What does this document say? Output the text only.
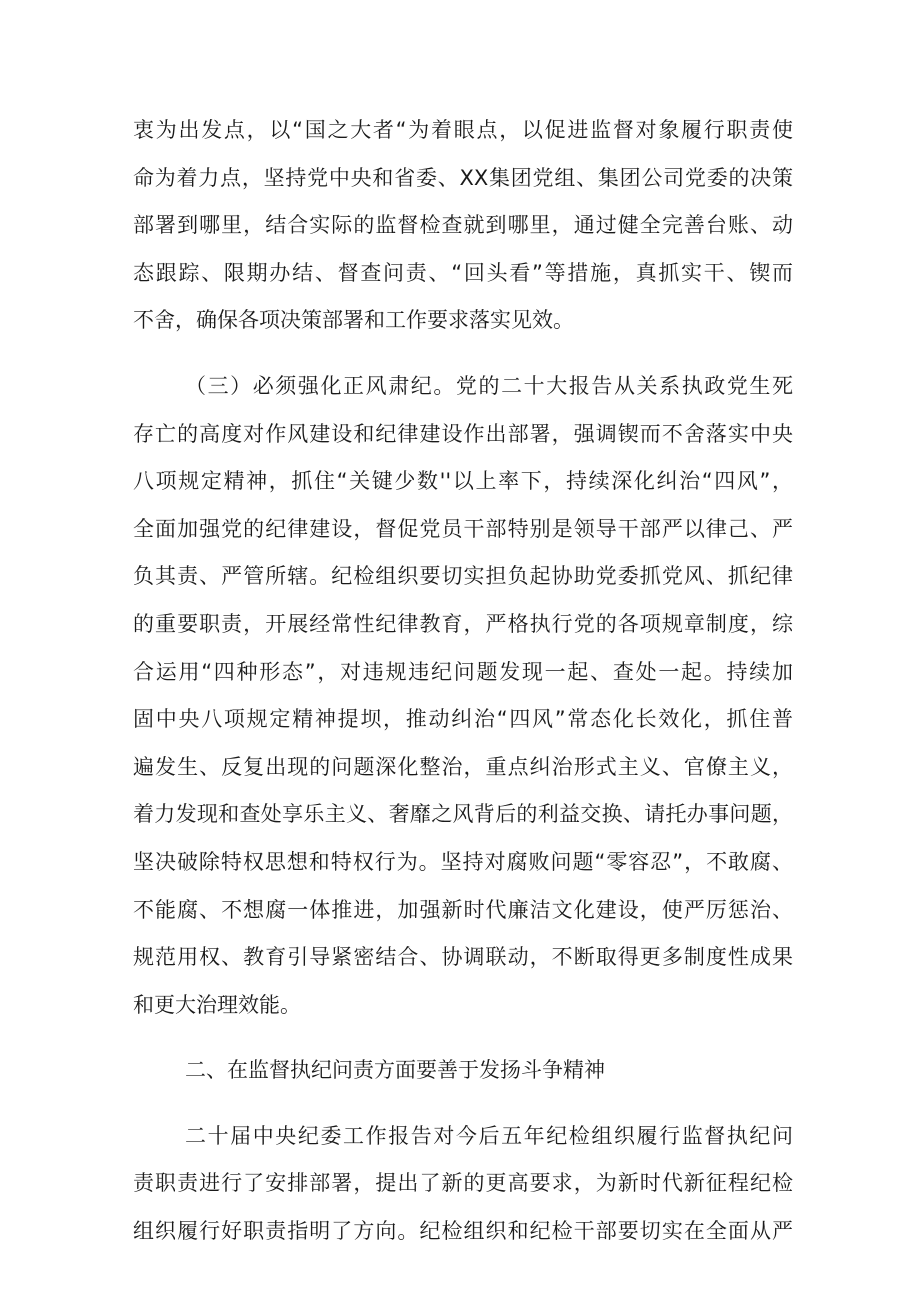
衷为出发点，以“国之大者“为着眼点，以促进监督对象履行职责使
命为着力点，坚持党中央和省委、XX集团党组、集团公司党委的决策
部署到哪里，结合实际的监督检查就到哪里，通过健全完善台账、动
态跟踪、限期办结、督查问责、“回头看”等措施，真抓实干、锲而
不舍，确保各项决策部署和工作要求落实见效。
（三）必须强化正风肃纪。党的二十大报告从关系执政党生死
存亡的高度对作风建设和纪律建设作出部署，强调锲而不舍落实中央
八项规定精神，抓住“关键少数''以上率下，持续深化纠治“四风”，
全面加强党的纪律建设，督促党员干部特别是领导干部严以律己、严
负其责、严管所辖。纪检组织要切实担负起协助党委抓党风、抓纪律
的重要职责，开展经常性纪律教育，严格执行党的各项规章制度，综
合运用“四种形态”，对违规违纪问题发现一起、查处一起。持续加
固中央八项规定精神提坝，推动纠治“四风”常态化长效化，抓住普
遍发生、反复出现的问题深化整治，重点纠治形式主义、官僚主义，
着力发现和查处享乐主义、奢靡之风背后的利益交换、请托办事问题，
坚决破除特权思想和特权行为。坚持对腐败问题“零容忍”，不敢腐、
不能腐、不想腐一体推进，加强新时代廉洁文化建设，使严厉惩治、
规范用权、教育引导紧密结合、协调联动，不断取得更多制度性成果
和更大治理效能。
二、在监督执纪问责方面要善于发扬斗争精神
二十届中央纪委工作报告对今后五年纪检组织履行监督执纪问
责职责进行了安排部署，提出了新的更高要求，为新时代新征程纪检
组织履行好职责指明了方向。纪检组织和纪检干部要切实在全面从严
